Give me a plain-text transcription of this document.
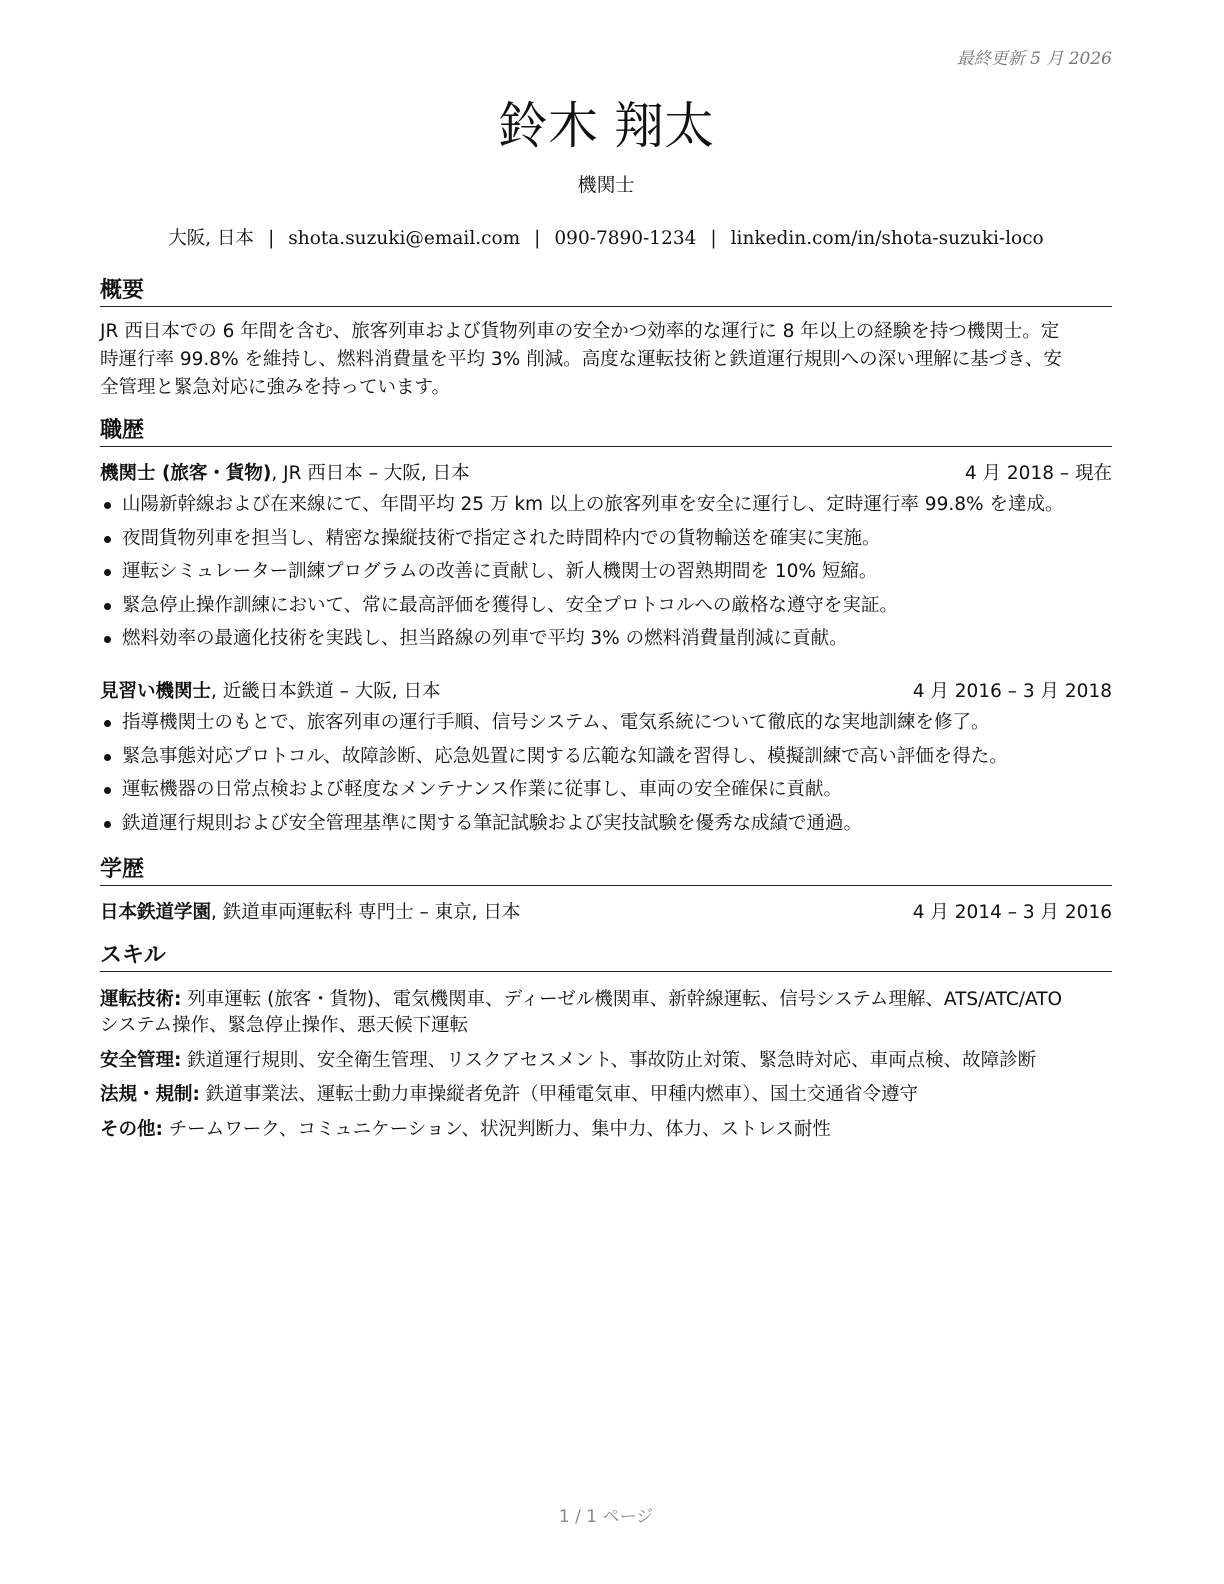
最終更新 5 月 2026
鈴木 翔太
機関士
大阪, 日本 | shota.suzuki@email.com | 090-7890-1234 | linkedin.com/in/shota-suzuki-loco
概要
JR 西日本での 6 年間を含む、旅客列車および貨物列車の安全かつ効率的な運行に 8 年以上の経験を持つ機関士。定
時運行率 99.8% を維持し、燃料消費量を平均 3% 削減。高度な運転技術と鉄道運行規則への深い理解に基づき、安
全管理と緊急対応に強みを持っています。
職歴
機関士 (旅客・貨物), JR 西日本 – 大阪, 日本	4 月 2018 – 現在
山陽新幹線および在来線にて、年間平均 25 万 km 以上の旅客列車を安全に運行し、定時運行率 99.8% を達成。
夜間貨物列車を担当し、精密な操縦技術で指定された時間枠内での貨物輸送を確実に実施。
運転シミュレーター訓練プログラムの改善に貢献し、新人機関士の習熟期間を 10% 短縮。
緊急停止操作訓練において、常に最高評価を獲得し、安全プロトコルへの厳格な遵守を実証。
燃料効率の最適化技術を実践し、担当路線の列車で平均 3% の燃料消費量削減に貢献。
見習い機関士, 近畿日本鉄道 – 大阪, 日本	4 月 2016 – 3 月 2018
指導機関士のもとで、旅客列車の運行手順、信号システム、電気系統について徹底的な実地訓練を修了。
緊急事態対応プロトコル、故障診断、応急処置に関する広範な知識を習得し、模擬訓練で高い評価を得た。
運転機器の日常点検および軽度なメンテナンス作業に従事し、車両の安全確保に貢献。
鉄道運行規則および安全管理基準に関する筆記試験および実技試験を優秀な成績で通過。
学歴
日本鉄道学園, 鉄道車両運転科 専門士 – 東京, 日本	4 月 2014 – 3 月 2016
スキル
運転技術: 列車運転 (旅客・貨物)、電気機関車、ディーゼル機関車、新幹線運転、信号システム理解、ATS/ATC/ATO
システム操作、緊急停止操作、悪天候下運転
安全管理: 鉄道運行規則、安全衛生管理、リスクアセスメント、事故防止対策、緊急時対応、車両点検、故障診断
法規・規制: 鉄道事業法、運転士動力車操縦者免許（甲種電気車、甲種内燃車）、国土交通省令遵守
その他: チームワーク、コミュニケーション、状況判断力、集中力、体力、ストレス耐性
1 / 1 ページ
